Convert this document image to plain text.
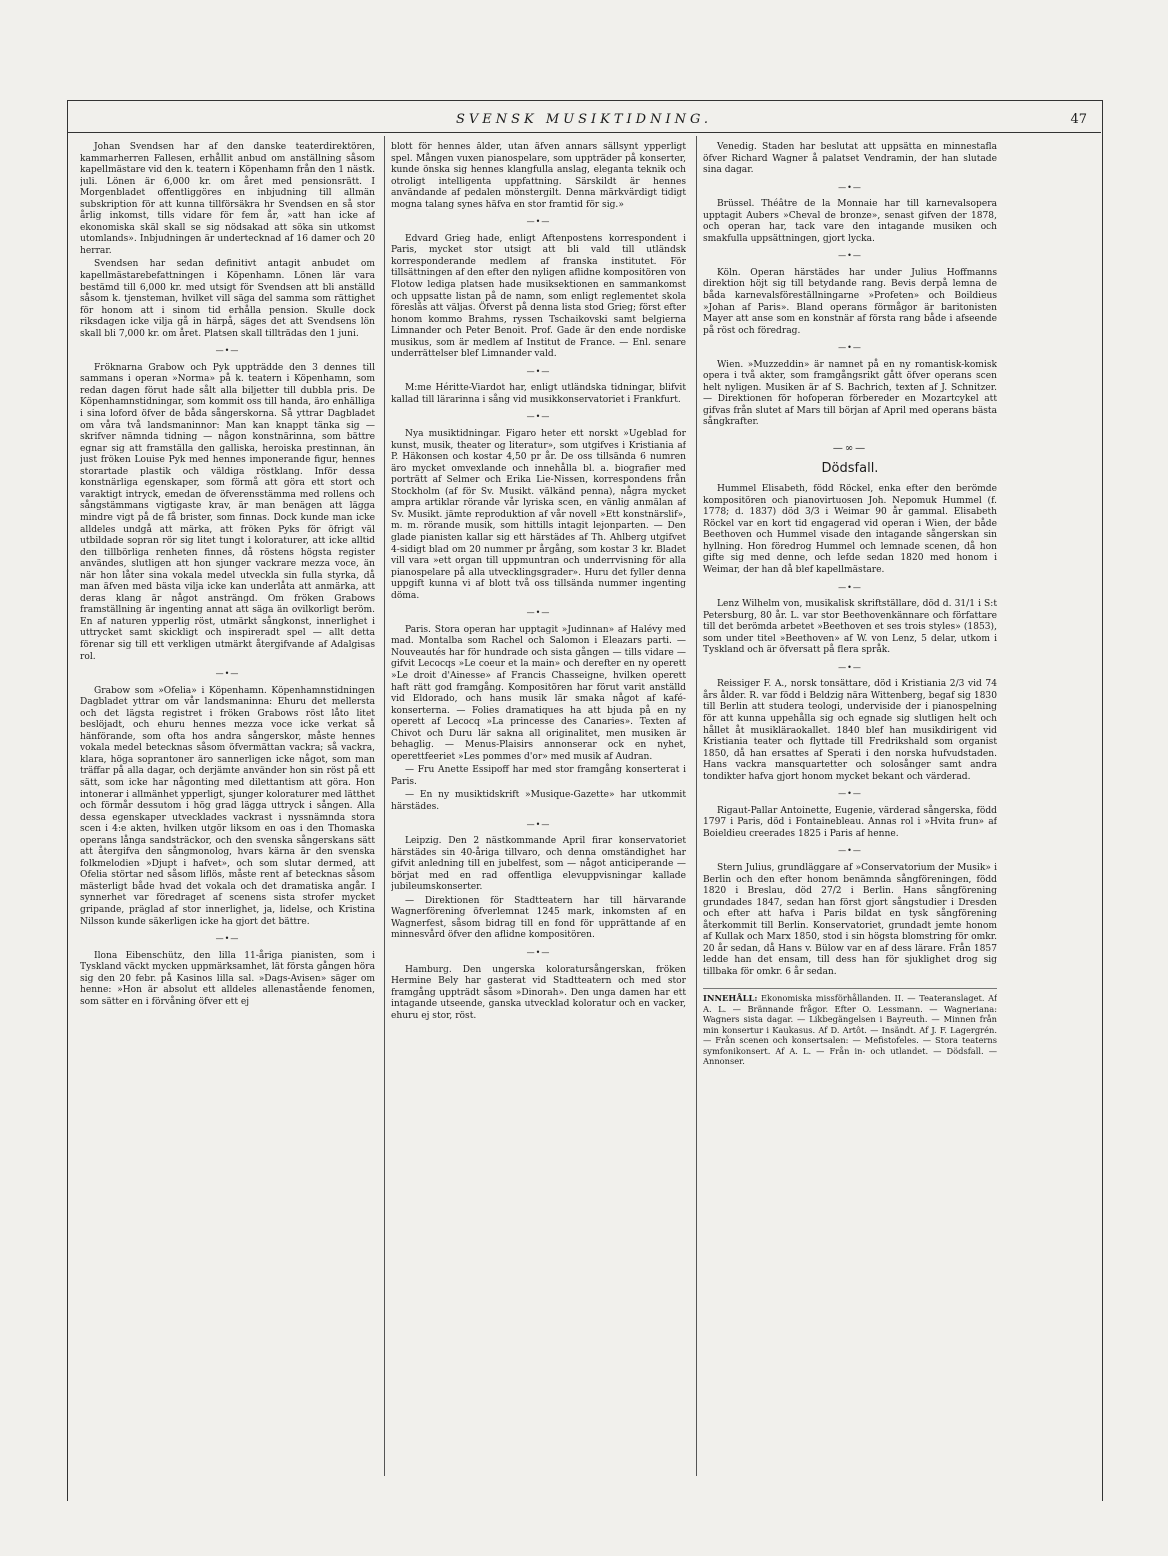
SVENSK MUSIKTIDNING.	47

Johan Svendsen har af den danske teaterdirektören, kammarherren Fallesen, erhållit anbud om anställning såsom kapellmästare vid den k. teatern i Köpenhamn från den 1 nästk. juli. Lönen är 6,000 kr. om året med pensionsrätt. I Morgenbladet offentliggöres en inbjudning till allmän subskription för att kunna tillförsäkra hr Svendsen en så stor årlig inkomst, tills vidare för fem år, »att han icke af ekonomiska skäl skall se sig nödsakad att söka sin utkomst utomlands». Inbjudningen är undertecknad af 16 damer och 20 herrar.

Svendsen har sedan definitivt antagit anbudet om kapellmästarebefattningen i Köpenhamn. Lönen lär vara bestämd till 6,000 kr. med utsigt för Svendsen att bli anställd såsom k. tjensteman, hvilket vill säga del samma som rättighet för honom att i sinom tid erhålla pension. Skulle dock riksdagen icke vilja gå in härpå, säges det att Svendsens lön skall bli 7,000 kr. om året. Platsen skall tillträdas den 1 juni.

—•—

Fröknarna Grabow och Pyk uppträdde den 3 dennes till sammans i operan »Norma» på k. teatern i Köpenhamn, som redan dagen förut hade sålt alla biljetter till dubbla pris. De Köpenhamnstidningar, som kommit oss till handa, äro enhälliga i sina loford öfver de båda sångerskorna. Så yttrar Dagbladet om våra två landsmaninnor: Man kan knappt tänka sig — skrifver nämnda tidning — någon konstnärinna, som bättre egnar sig att framställa den galliska, heroiska prestinnan, än just fröken Louise Pyk med hennes imponerande figur, hennes storartade plastik och väldiga röstklang. Inför dessa konstnärliga egenskaper, som förmå att göra ett stort och varaktigt intryck, emedan de öfverensstämma med rollens och sångstämmans vigtigaste krav, är man benägen att lägga mindre vigt på de få brister, som finnas. Dock kunde man icke alldeles undgå att märka, att fröken Pyks för öfrigt väl utbildade sopran rör sig litet tungt i koloraturer, att icke alltid den tillbörliga renheten finnes, då röstens högsta register användes, slutligen att hon sjunger vackrare mezza voce, än när hon låter sina vokala medel utveckla sin fulla styrka, då man äfven med bästa vilja icke kan underlåta att anmärka, att deras klang är något ansträngd. Om fröken Grabows framställning är ingenting annat att säga än ovilkorligt beröm. En af naturen ypperlig röst, utmärkt sångkonst, innerlighet i uttrycket samt skickligt och inspireradt spel — allt detta förenar sig till ett verkligen utmärkt återgifvande af Adalgisas rol.

—•—

Grabow som »Ofelia» i Köpenhamn. Köpenhamnstidningen Dagbladet yttrar om vår landsmaninna: Ehuru det mellersta och det lägsta registret i fröken Grabows röst låto litet beslöjadt, och ehuru hennes mezza voce icke verkat så hänförande, som ofta hos andra sångerskor, måste hennes vokala medel betecknas såsom öfvermättan vackra; så vackra, klara, höga soprantoner äro sannerligen icke något, som man träffar på alla dagar, och derjämte använder hon sin röst på ett sätt, som icke har någonting med dilettantism att göra. Hon intonerar i allmänhet ypperligt, sjunger koloraturer med lätthet och förmår dessutom i hög grad lägga uttryck i sången. Alla dessa egenskaper utvecklades vackrast i nyssnämnda stora scen i 4:e akten, hvilken utgör liksom en oas i den Thomaska operans långa sandsträckor, och den svenska sångerskans sätt att återgifva den sångmonolog, hvars kärna är den svenska folkmelodien »Djupt i hafvet», och som slutar dermed, att Ofelia störtar ned såsom liflös, måste rent af betecknas såsom mästerligt både hvad det vokala och det dramatiska angår. I synnerhet var föredraget af scenens sista strofer mycket gripande, präglad af stor innerlighet, ja, lidelse, och Kristina Nilsson kunde säkerligen icke ha gjort det bättre.

—•—

Ilona Eibenschütz, den lilla 11-åriga pianisten, som i Tyskland väckt mycken uppmärksamhet, lät första gången höra sig den 20 febr. på Kasinos lilla sal. »Dags-Avisen» säger om henne: »Hon är absolut ett alldeles allenastående fenomen, som sätter en i förvåning öfver ett ej

blott för hennes ålder, utan äfven annars sällsynt ypperligt spel. Mången vuxen pianospelare, som uppträder på konserter, kunde önska sig hennes klangfulla anslag, eleganta teknik och otroligt intelligenta uppfattning. Särskildt är hennes användande af pedalen mönstergilt. Denna märkvärdigt tidigt mogna talang synes häfva en stor framtid för sig.»

—•—

Edvard Grieg hade, enligt Aftenpostens korrespondent i Paris, mycket stor utsigt att bli vald till utländsk korresponderande medlem af franska institutet. För tillsättningen af den efter den nyligen aflidne kompositören von Flotow lediga platsen hade musiksektionen en sammankomst och uppsatte listan på de namn, som enligt reglementet skola föreslås att väljas. Öfverst på denna lista stod Grieg; först efter honom kommo Brahms, ryssen Tschaikovski samt belgierna Limnander och Peter Benoit. Prof. Gade är den ende nordiske musikus, som är medlem af Institut de France. — Enl. senare underrättelser blef Limnander vald.

—•—

M:me Héritte-Viardot har, enligt utländska tidningar, blifvit kallad till lärarinna i sång vid musikkonservatoriet i Frankfurt.

—•—

Nya musiktidningar. Figaro heter ett norskt »Ugeblad for kunst, musik, theater og literatur», som utgifves i Kristiania af P. Häkonsen och kostar 4,50 pr år. De oss tillsända 6 numren äro mycket omvexlande och innehålla bl. a. biografier med porträtt af Selmer och Erika Lie-Nissen, korrespondens från Stockholm (af för Sv. Musikt. välkänd penna), några mycket ampra artiklar rörande vår lyriska scen, en vänlig anmälan af Sv. Musikt. jämte reproduktion af vår novell »Ett konstnärslif», m. m. rörande musik, som hittills intagit lejonparten. — Den glade pianisten kallar sig ett härstädes af Th. Ahlberg utgifvet 4-sidigt blad om 20 nummer pr årgång, som kostar 3 kr. Bladet vill vara »ett organ till uppmuntran och underrvisning för alla pianospelare på alla utvecklingsgrader». Huru det fyller denna uppgift kunna vi af blott två oss tillsända nummer ingenting döma.

—•—

Paris. Stora operan har upptagit »Judinnan» af Halévy med mad. Montalba som Rachel och Salomon i Eleazars parti. — Nouveautés har för hundrade och sista gången — tills vidare — gifvit Lecocqs »Le coeur et la main» och derefter en ny operett »Le droit d'Ainesse» af Francis Chasseigne, hvilken operett haft rätt god framgång. Kompositören har förut varit anställd vid Eldorado, och hans musik lär smaka något af kafé-konserterna. — Folies dramatiques ha att bjuda på en ny operett af Lecocq »La princesse des Canaries». Texten af Chivot och Duru lär sakna all originalitet, men musiken är behaglig. — Menus-Plaisirs annonserar ock en nyhet, operettfeeriet »Les pommes d'or» med musik af Audran.

— Fru Anette Essipoff har med stor framgång konserterat i Paris.

— En ny musiktidskrift »Musique-Gazette» har utkommit härstädes.

—•—

Leipzig. Den 2 nästkommande April firar konservatoriet härstädes sin 40-åriga tillvaro, och denna omständighet har gifvit anledning till en jubelfest, som — något anticiperande — börjat med en rad offentliga elevuppvisningar kallade jubileumskonserter.

— Direktionen för Stadtteatern har till härvarande Wagnerförening öfverlemnat 1245 mark, inkomsten af en Wagnerfest, såsom bidrag till en fond för upprättande af en minnesvård öfver den aflidne kompositören.

—•—

Hamburg. Den ungerska koloratursångerskan, fröken Hermine Bely har gasterat vid Stadtteatern och med stor framgång uppträdt såsom »Dinorah». Den unga damen har ett intagande utseende, ganska utvecklad koloratur och en vacker, ehuru ej stor, röst.

Venedig. Staden har beslutat att uppsätta en minnestafla öfver Richard Wagner å palatset Vendramin, der han slutade sina dagar.

—•—

Brüssel. Théâtre de la Monnaie har till karnevalsopera upptagit Aubers »Cheval de bronze», senast gifven der 1878, och operan har, tack vare den intagande musiken och smakfulla uppsättningen, gjort lycka.

—•—

Köln. Operan härstädes har under Julius Hoffmanns direktion höjt sig till betydande rang. Bevis derpå lemna de båda karnevalsföreställningarne »Profeten» och Boildieus »Johan af Paris». Bland operans förmågor är baritonisten Mayer att anse som en konstnär af första rang både i afseende på röst och föredrag.

—•—

Wien. »Muzzeddin» är namnet på en ny romantisk-komisk opera i två akter, som framgångsrikt gått öfver operans scen helt nyligen. Musiken är af S. Bachrich, texten af J. Schnitzer. — Direktionen för hofoperan förbereder en Mozartcykel att gifvas från slutet af Mars till början af April med operans bästa sångkrafter.

—∞—
Dödsfall.

Hummel Elisabeth, född Röckel, enka efter den berömde kompositören och pianovirtuosen Joh. Nepomuk Hummel (f. 1778; d. 1837) död 3/3 i Weimar 90 år gammal. Elisabeth Röckel var en kort tid engagerad vid operan i Wien, der både Beethoven och Hummel visade den intagande sångerskan sin hyllning. Hon föredrog Hummel och lemnade scenen, då hon gifte sig med denne, och lefde sedan 1820 med honom i Weimar, der han då blef kapellmästare.

—•—

Lenz Wilhelm von, musikalisk skriftställare, död d. 31/1 i S:t Petersburg, 80 år. L. var stor Beethovenkännare och författare till det berömda arbetet »Beethoven et ses trois styles» (1853), som under titel »Beethoven» af W. von Lenz, 5 delar, utkom i Tyskland och är öfversatt på flera språk.

—•—

Reissiger F. A., norsk tonsättare, död i Kristiania 2/3 vid 74 års ålder. R. var född i Beldzig nära Wittenberg, begaf sig 1830 till Berlin att studera teologi, underviside der i pianospelning för att kunna uppehålla sig och egnade sig slutligen helt och hållet åt musikläraokallet. 1840 blef han musikdirigent vid Kristiania teater och flyttade till Fredrikshald som organist 1850, då han ersattes af Sperati i den norska hufvudstaden. Hans vackra mansquartetter och solosånger samt andra tondikter hafva gjort honom mycket bekant och värderad.

—•—

Rigaut-Pallar Antoinette, Eugenie, värderad sångerska, född 1797 i Paris, död i Fontainebleau. Annas rol i »Hvita frun» af Boieldieu creerades 1825 i Paris af henne.

—•—

Stern Julius, grundläggare af »Conservatorium der Musik» i Berlin och den efter honom benämnda sångföreningen, född 1820 i Breslau, död 27/2 i Berlin. Hans sångförening grundades 1847, sedan han först gjort sångstudier i Dresden och efter att hafva i Paris bildat en tysk sångförening återkommit till Berlin. Konservatoriet, grundadt jemte honom af Kullak och Marx 1850, stod i sin högsta blomstring för omkr. 20 år sedan, då Hans v. Bülow var en af dess lärare. Från 1857 ledde han det ensam, till dess han för sjuklighet drog sig tillbaka för omkr. 6 år sedan.

INNEHÅLL: Ekonomiska missförhållanden. II. — Teateranslaget. Af A. L. — Brännande frågor. Efter O. Lessmann. — Wagneriana: Wagners sista dagar. — Likbegängelsen i Bayreuth. — Minnen från min konsertur i Kaukasus. Af D. Artôt. — Insändt. Af J. F. Lagergrén. — Från scenen och konsertsalen: — Mefistofeles. — Stora teaterns symfonikonsert. Af A. L. — Från in- och utlandet. — Dödsfall. — Annonser.
